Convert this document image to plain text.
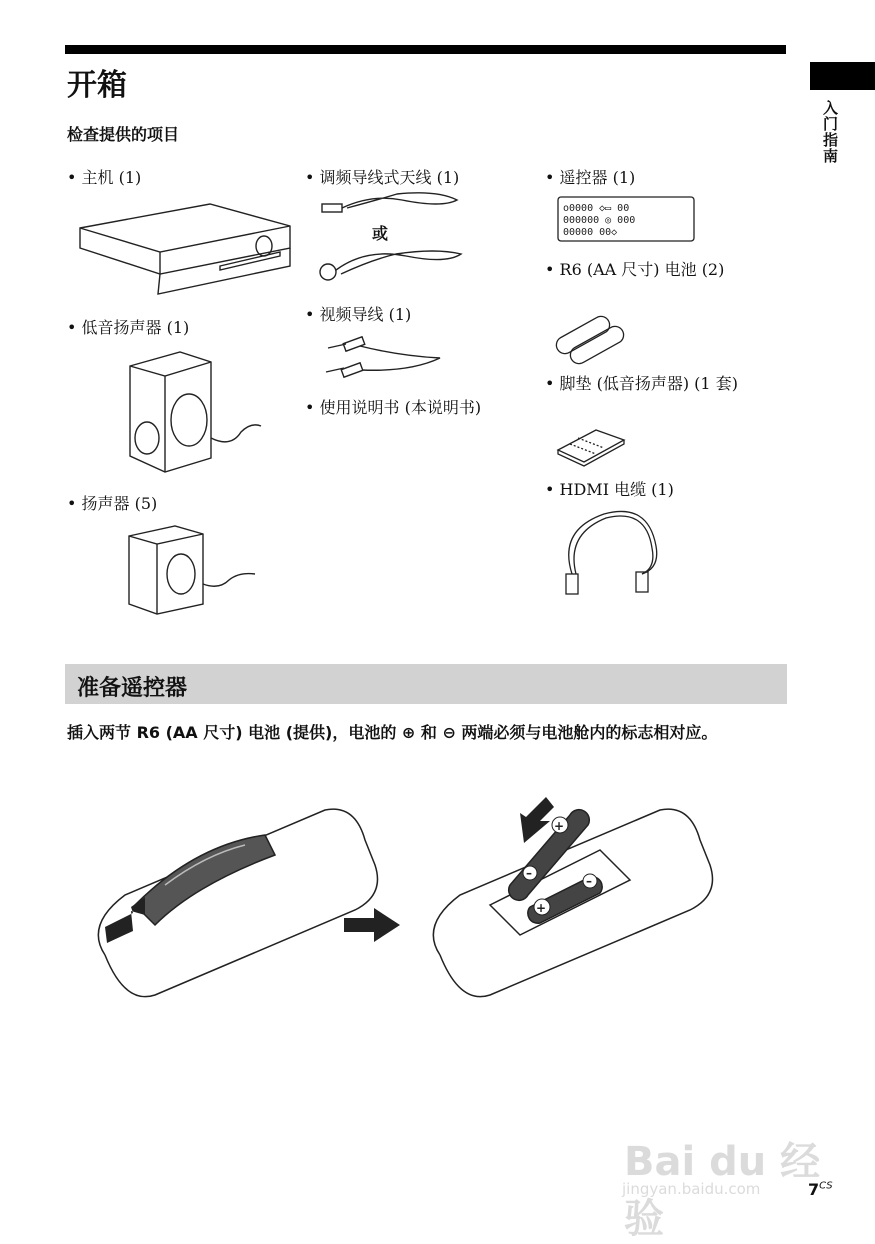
入门指南
开箱
检查提供的项目
• 主机 (1)
• 低音扬声器 (1)
• 扬声器 (5)
• 调频导线式天线 (1)
或
• 视频导线 (1)
• 使用说明书 (本说明书)
• 遥控器 (1)
o0000 ◇▭ 00
000000 ◎ 000
00000 00◇
• R6 (AA 尺寸) 电池 (2)
• 脚垫 (低音扬声器) (1 套)
• HDMI 电缆 (1)
准备遥控器
插入两节 R6 (AA 尺寸) 电池 (提供)，电池的 ⊕ 和 ⊖ 两端必须与电池舱内的标志相对应。
+
–
+
–
Bai du 经验
jingyan.baidu.com	$7^{CS}$
